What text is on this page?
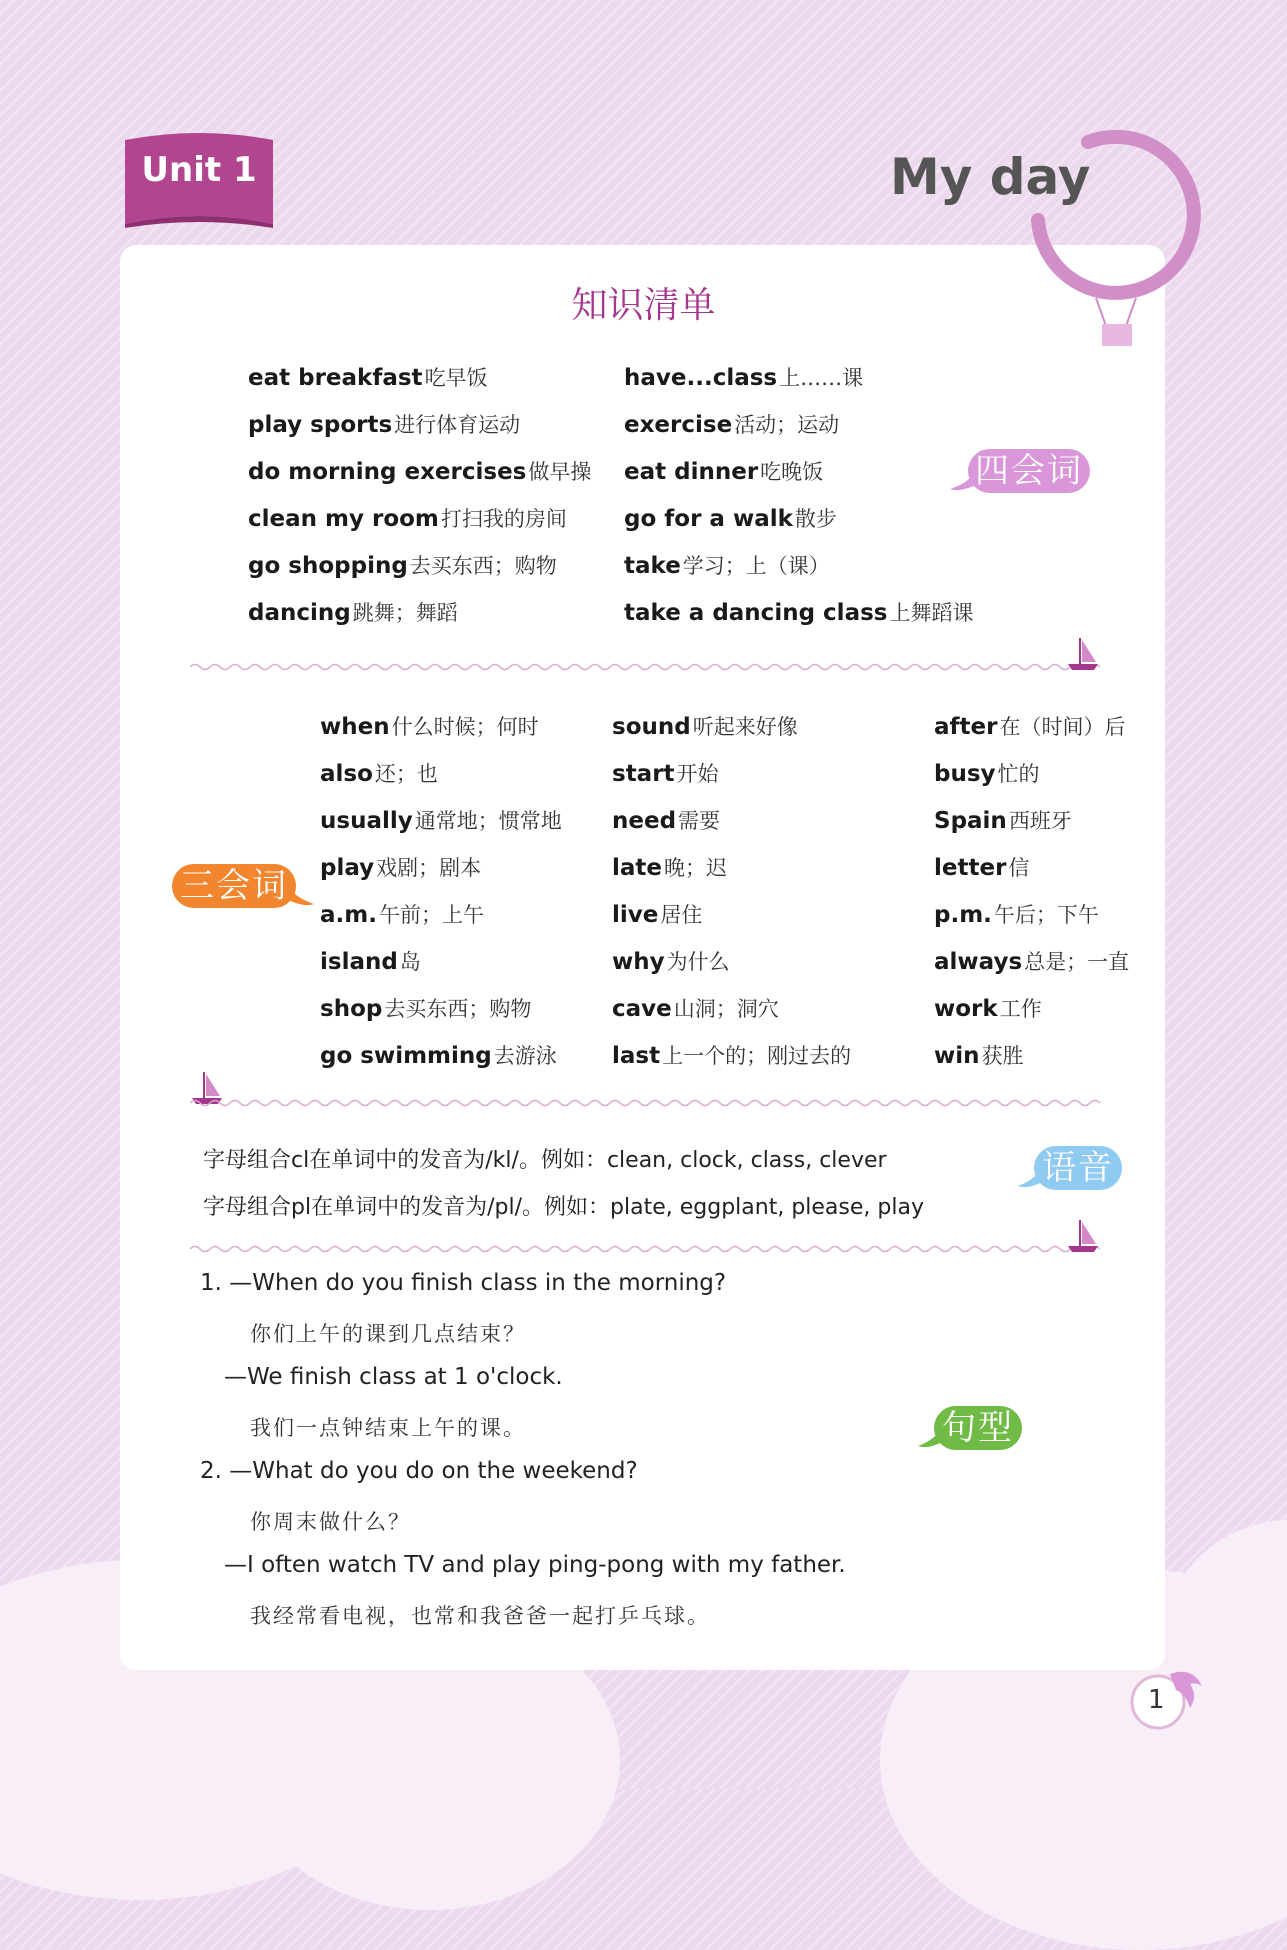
Unit 1	My day
知识清单
eat breakfast吃早饭
play sports进行体育运动
do morning exercises做早操
clean my room打扫我的房间
go shopping去买东西；购物
dancing跳舞；舞蹈
have...class上……课
exercise活动；运动
eat dinner吃晚饭
go for a walk散步
take学习；上（课）
take a dancing class上舞蹈课
四会词
when什么时候；何时
also还；也
usually通常地；惯常地
play戏剧；剧本
a.m.午前；上午
island岛
shop去买东西；购物
go swimming去游泳
sound听起来好像
start开始
need需要
late晚；迟
live居住
why为什么
cave山洞；洞穴
last上一个的；刚过去的
after在（时间）后
busy忙的
Spain西班牙
letter信
p.m.午后；下午
always总是；一直
work工作
win获胜
三会词
字母组合cl在单词中的发音为/kl/。例如：clean, clock, class, clever
字母组合pl在单词中的发音为/pl/。例如：plate, eggplant, please, play
语音
1. —When do you finish class in the morning?
你们上午的课到几点结束？
—We finish class at 1 o'clock.
我们一点钟结束上午的课。
2. —What do you do on the weekend?
你周末做什么？
—I often watch TV and play ping-pong with my father.
我经常看电视，也常和我爸爸一起打乒乓球。
句型
1
